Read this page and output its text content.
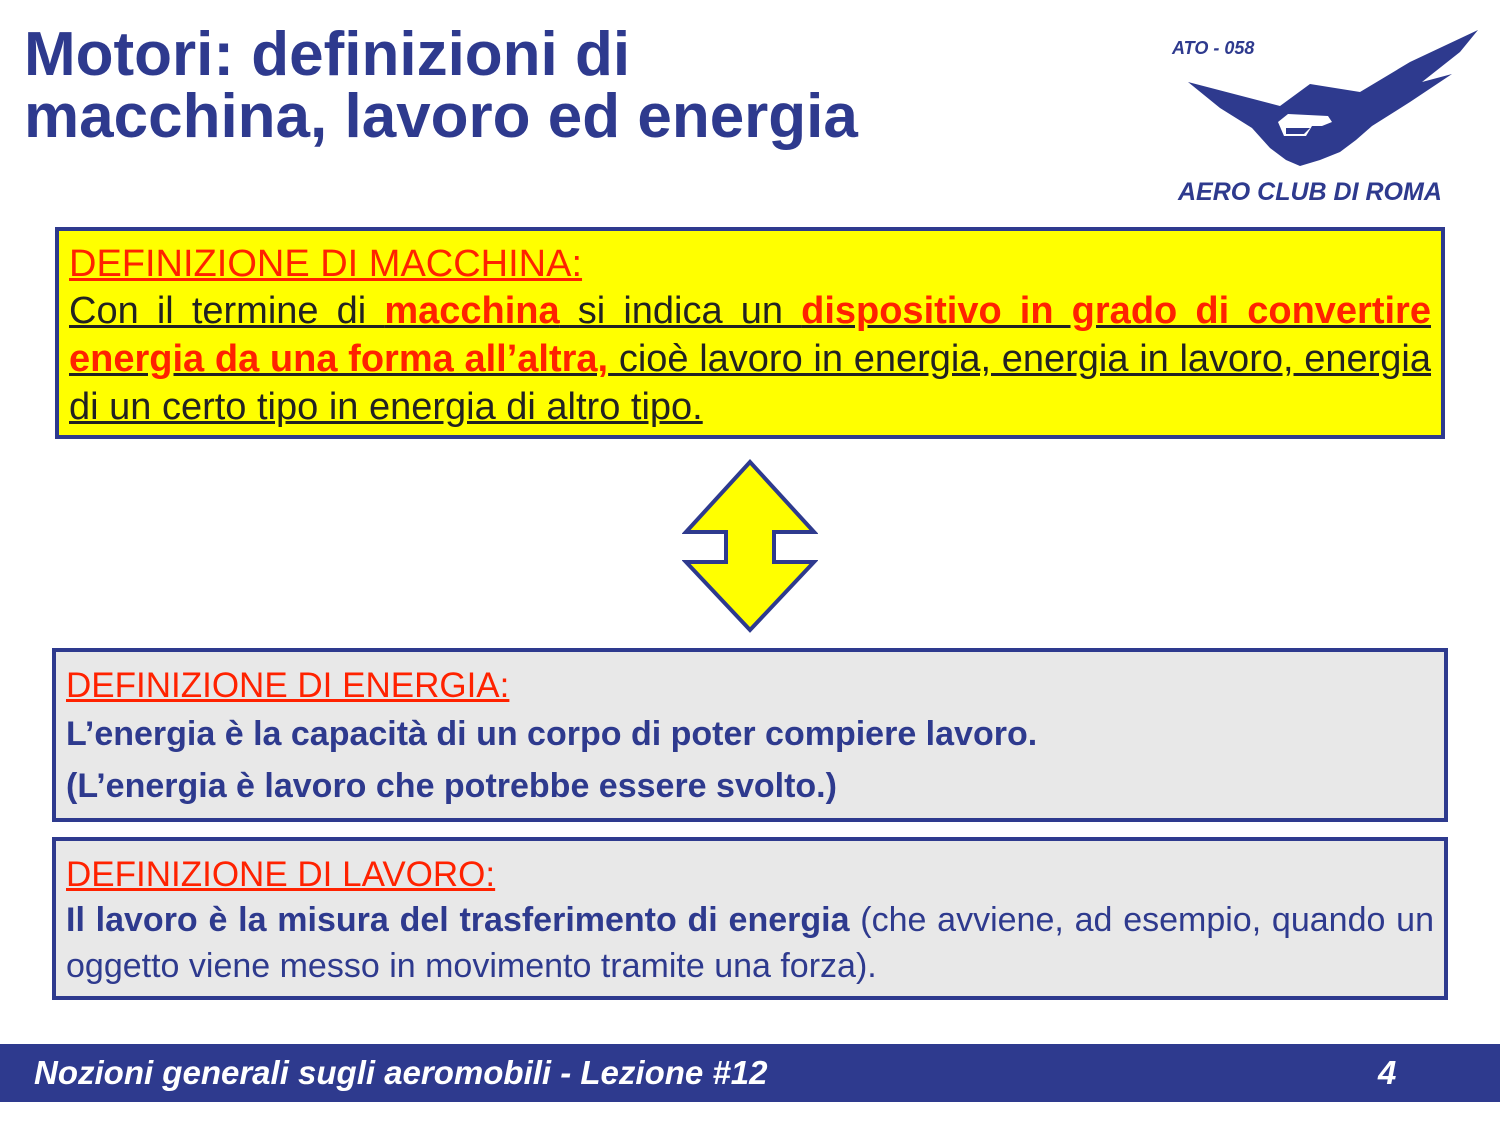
Motori: definizioni di
macchina, lavoro ed energia
ATO - 058
AERO CLUB DI ROMA
DEFINIZIONE DI MACCHINA:
Con il termine di macchina si indica un dispositivo in grado di convertire energia da una forma all’altra, cioè lavoro in energia, energia in lavoro, energia di un certo tipo in energia di altro tipo.
DEFINIZIONE DI ENERGIA:
L’energia è la capacità di un corpo di poter compiere lavoro.
(L’energia è lavoro che potrebbe essere svolto.)
DEFINIZIONE DI LAVORO:
Il lavoro è la misura del trasferimento di energia (che avviene, ad esempio, quando un oggetto viene messo in movimento tramite una forza).
Nozioni generali sugli aeromobili - Lezione #12	4
